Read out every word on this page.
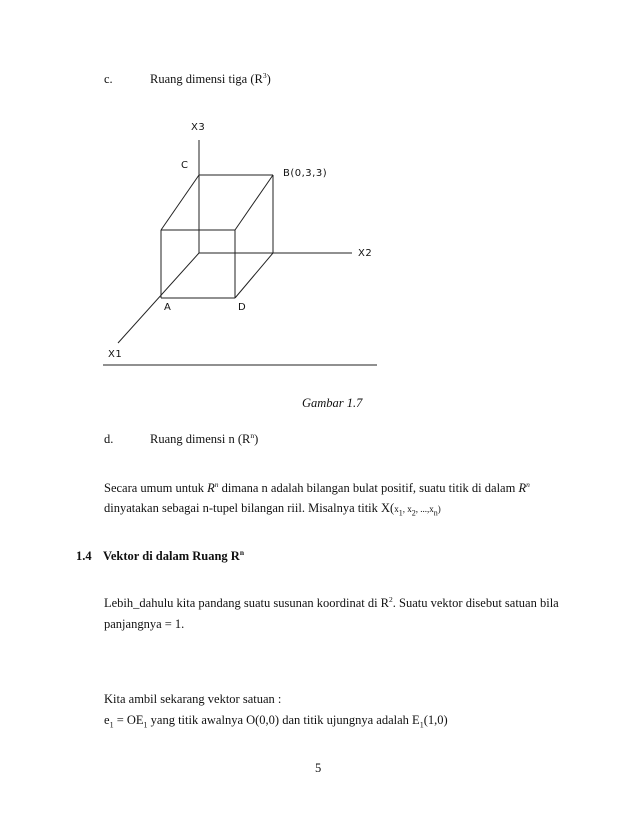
c.	Ruang dimensi tiga $(R^3)$
X3
C
B(0,3,3)
X2
A	D
X1
Gambar 1.7
d.	Ruang dimensi n $(R^n)$
Secara umum untuk $R^n$ dimana n adalah bilangan bulat positif, suatu titik di dalam $R^n$
dinyatakan sebagai n-tupel bilangan riil. Misalnya titik $X(x_1$, $x_2$, $...,x_n$)
1.4 Vektor di dalam Ruang $R^n$
Lebih_dahulu kita pandang suatu susunan koordinat di $R^2$. Suatu vektor disebut satuan bila
panjangnya = 1.
Kita ambil sekarang vektor satuan :
$e_1 = OE_1$ yang titik awalnya O(0,0) dan titik ujungnya adalah $E_1(1,0)$
5
